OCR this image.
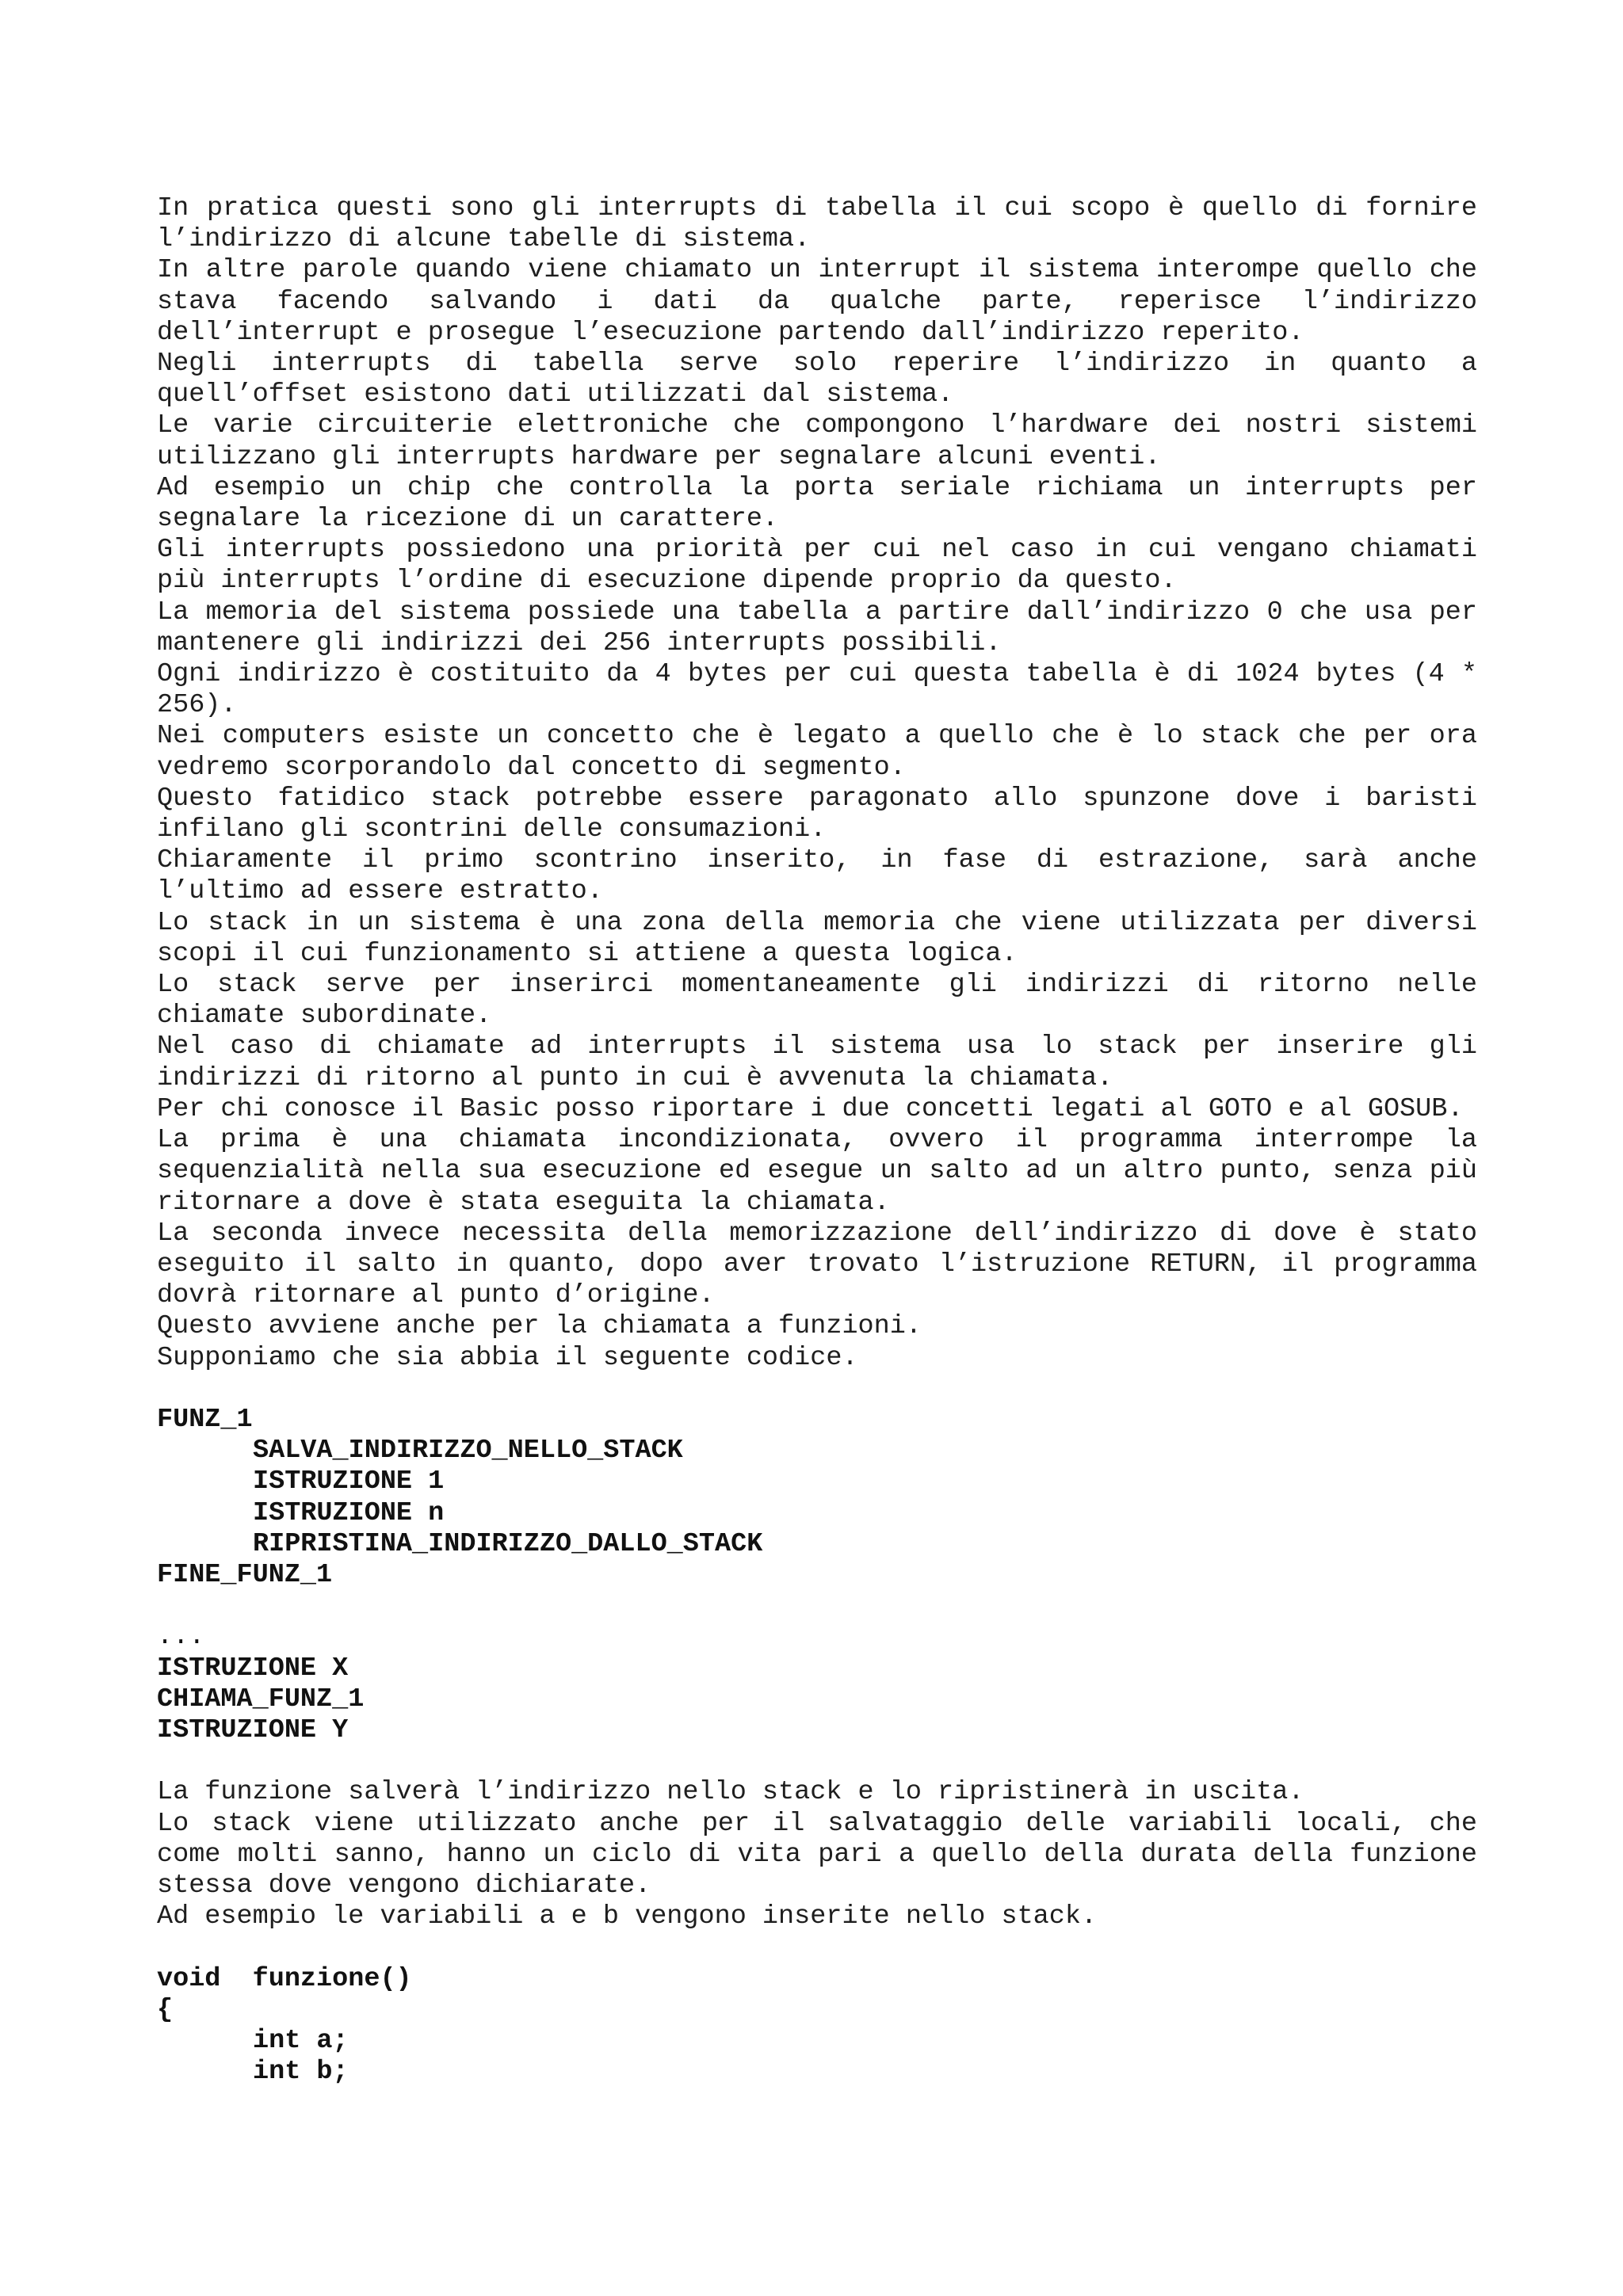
In pratica questi sono gli interrupts di tabella il cui scopo è quello di fornire l’indirizzo di alcune tabelle di sistema.

In altre parole quando viene chiamato un interrupt il sistema interompe quello che stava facendo salvando i dati da qualche parte, reperisce l’indirizzo dell’interrupt e prosegue l’esecuzione partendo dall’indirizzo reperito.

Negli interrupts di tabella serve solo reperire l’indirizzo in quanto a quell’offset esistono dati utilizzati dal sistema.

Le varie circuiterie elettroniche che compongono l’hardware dei nostri sistemi utilizzano gli interrupts hardware per segnalare alcuni eventi.

Ad esempio un chip che controlla la porta seriale richiama un interrupts per segnalare la ricezione di un carattere.

Gli interrupts possiedono una priorità per cui nel caso in cui vengano chiamati più interrupts l’ordine di esecuzione dipende proprio da questo.

La memoria del sistema possiede una tabella a partire dall’indirizzo 0 che usa per mantenere gli indirizzi dei 256 interrupts possibili.

Ogni indirizzo è costituito da 4 bytes per cui questa tabella è di 1024 bytes (4 * 256).

Nei computers esiste un concetto che è legato a quello che è lo stack che per ora vedremo scorporandolo dal concetto di segmento.

Questo fatidico stack potrebbe essere paragonato allo spunzone dove i baristi infilano gli scontrini delle consumazioni.

Chiaramente il primo scontrino inserito, in fase di estrazione, sarà anche l’ultimo ad essere estratto.

Lo stack in un sistema è una zona della memoria che viene utilizzata per diversi scopi il cui funzionamento si attiene a questa logica.

Lo stack serve per inserirci momentaneamente gli indirizzi di ritorno nelle chiamate subordinate.

Nel caso di chiamate ad interrupts il sistema usa lo stack per inserire gli indirizzi di ritorno al punto in cui è avvenuta la chiamata.

Per chi conosce il Basic posso riportare i due concetti legati al GOTO e al GOSUB.

La prima è una chiamata incondizionata, ovvero il programma interrompe la sequenzialità nella sua esecuzione ed esegue un salto ad un altro punto, senza più ritornare a dove è stata eseguita la chiamata.

La seconda invece necessita della memorizzazione dell’indirizzo di dove è stato eseguito il salto in quanto, dopo aver trovato l’istruzione RETURN, il programma dovrà ritornare al punto d’origine.

Questo avviene anche per la chiamata a funzioni.

Supponiamo che sia abbia il seguente codice.

FUNZ_1

SALVA_INDIRIZZO_NELLO_STACK

ISTRUZIONE 1

ISTRUZIONE n

RIPRISTINA_INDIRIZZO_DALLO_STACK

FINE_FUNZ_1

...

ISTRUZIONE X

CHIAMA_FUNZ_1

ISTRUZIONE Y

La funzione salverà l’indirizzo nello stack e lo ripristinerà in uscita.

Lo stack viene utilizzato anche per il salvataggio delle variabili locali, che come molti sanno, hanno un ciclo di vita pari a quello della durata della funzione stessa dove vengono dichiarate.

Ad esempio le variabili a e b vengono inserite nello stack.

void  funzione()

{

int a;

int b;
